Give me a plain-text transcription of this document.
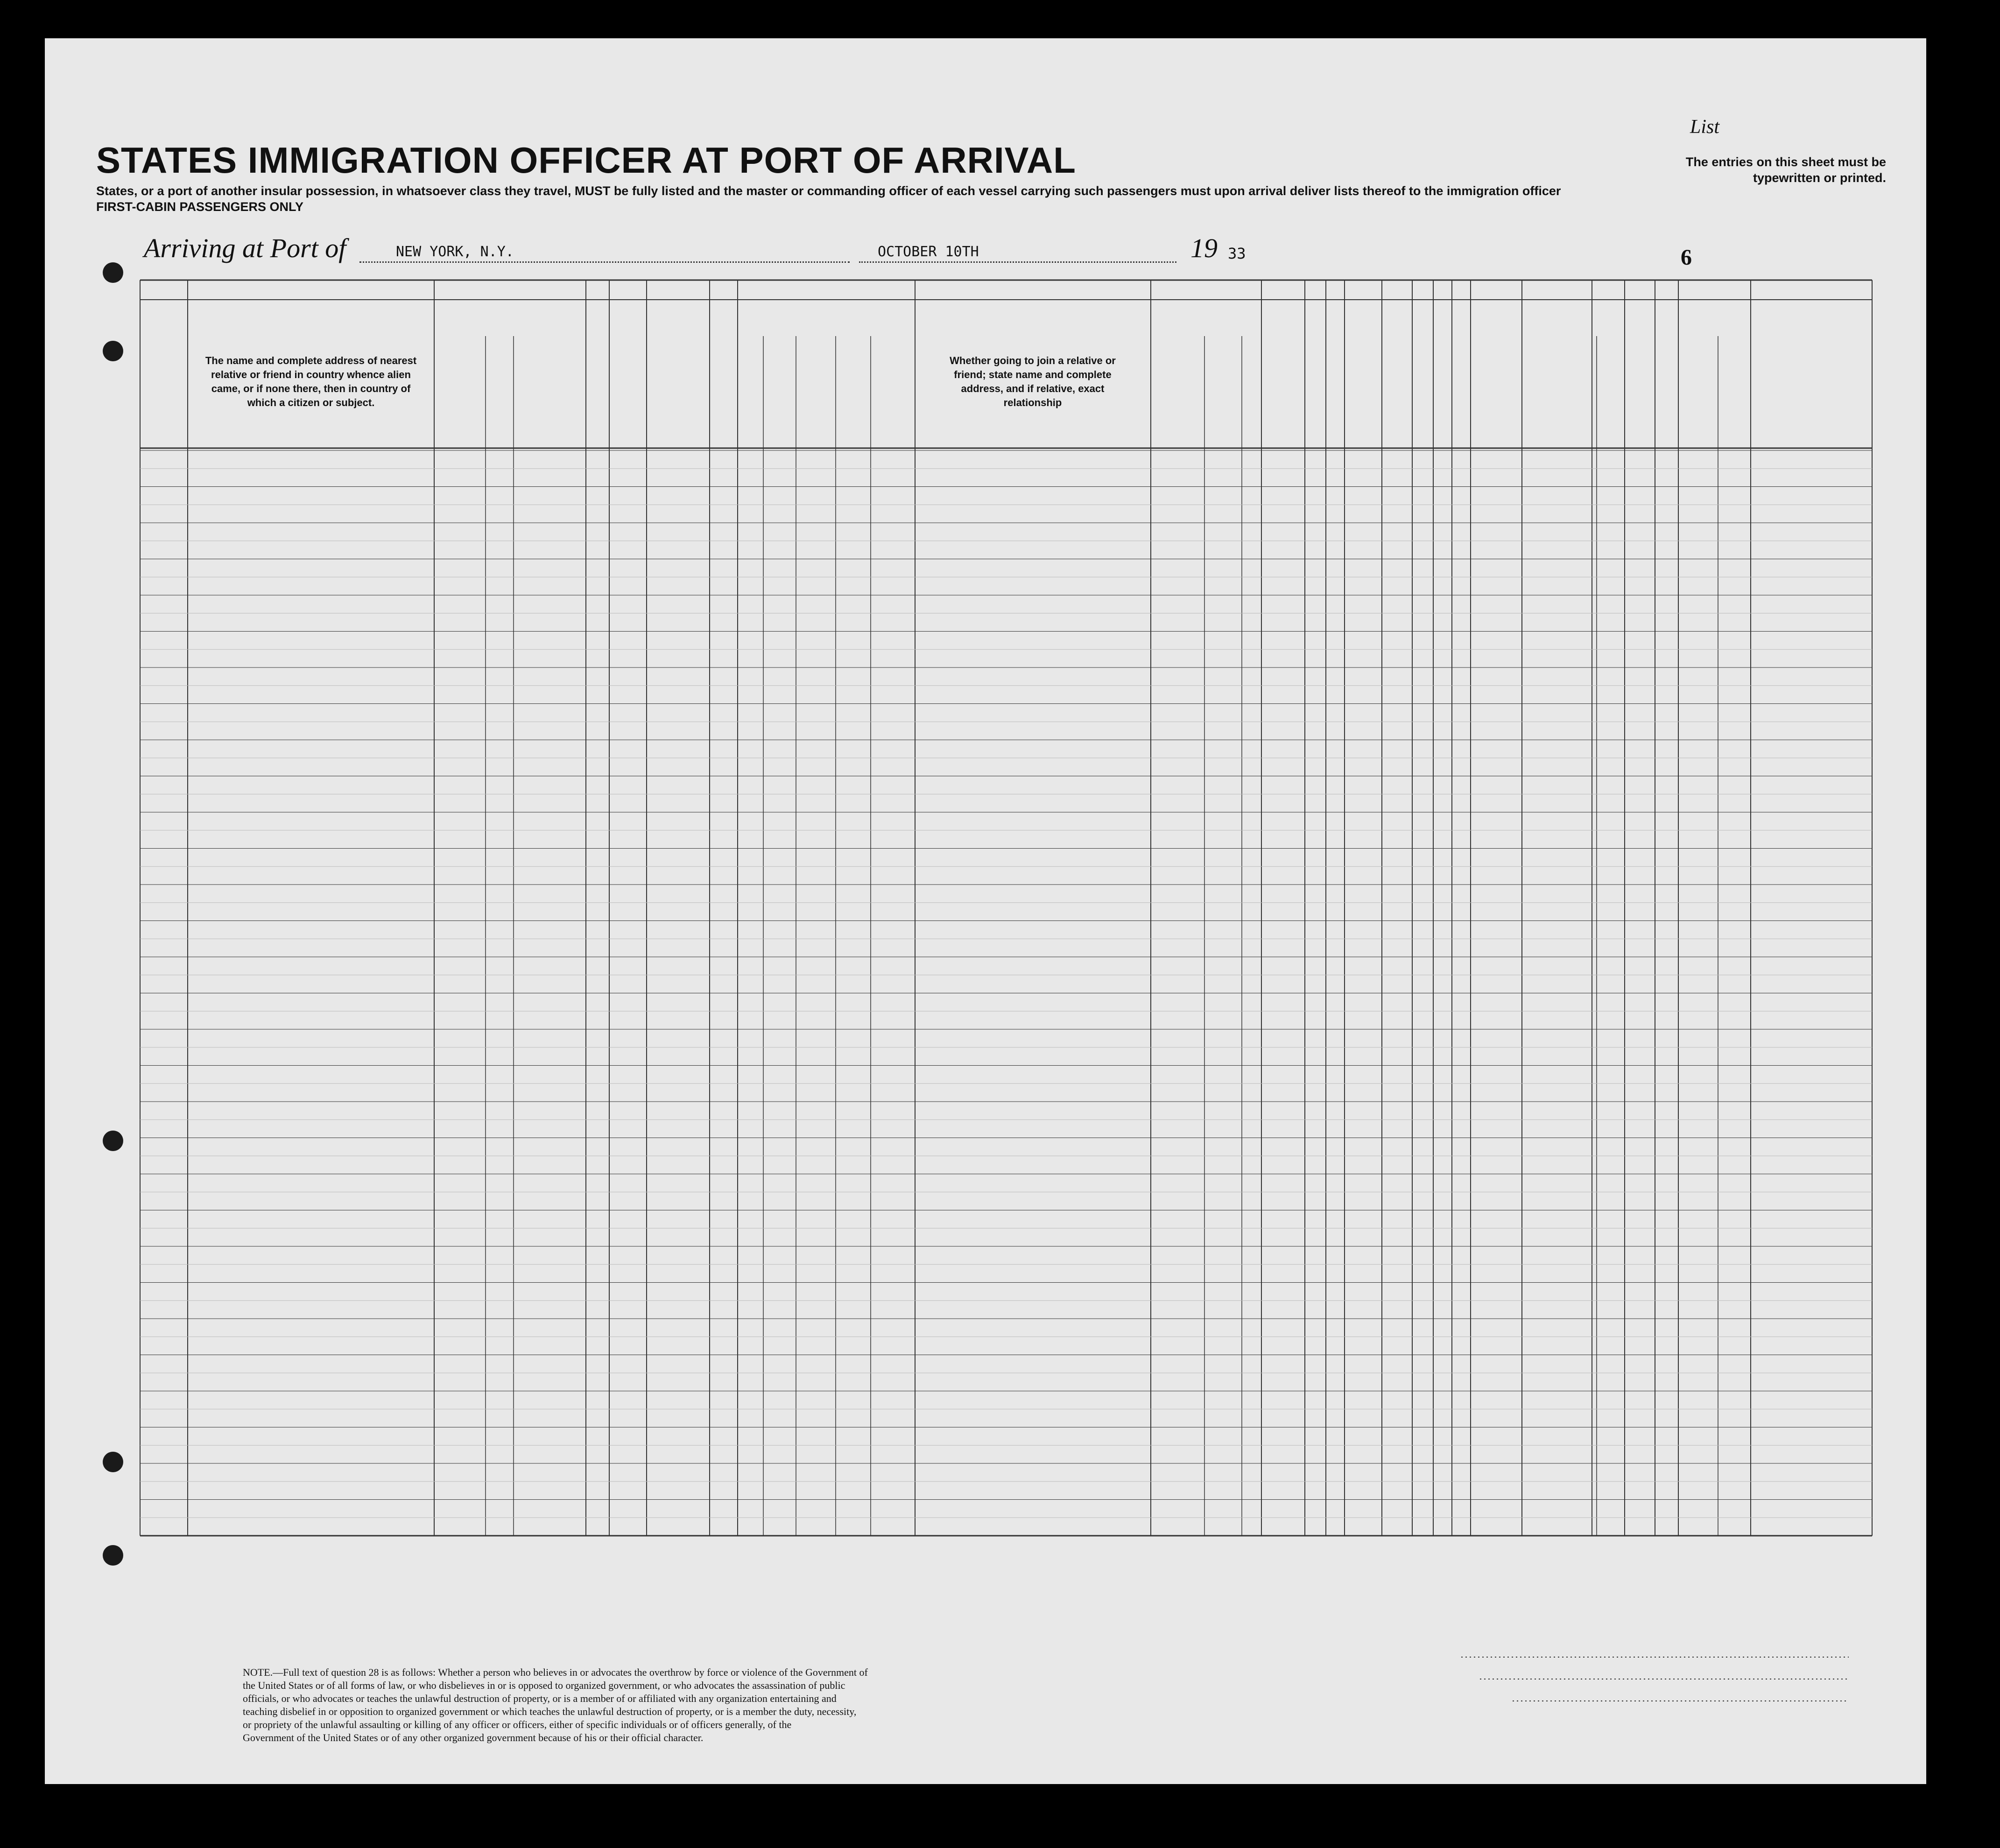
STATES IMMIGRATION OFFICER AT PORT OF ARRIVAL
States, or a port of another insular possession, in whatsoever class they travel, MUST be fully listed and the master or commanding officer of each vessel carrying such passengers must upon arrival deliver lists thereof to the immigration officer
FIRST-CABIN PASSENGERS ONLY
List
The entries on this sheet must be typewritten or printed.
Arriving at Port of	NEW YORK, N.Y.	OCTOBER 10TH	19 33	6
The name and complete address of nearest
relative or friend in country whence alien
came, or if none there, then in country of
which a citizen or subject.
Whether going to join a relative or
friend; state name and complete
address, and if relative, exact
relationship
NOTE.—Full text of question 28 is as follows: Whether a person who believes in or advocates the overthrow by force or violence of the Government of
the United States or of all forms of law, or who disbelieves in or is opposed to organized government, or who advocates the assassination of public
officials, or who advocates or teaches the unlawful destruction of property, or is a member of or affiliated with any organization entertaining and
teaching disbelief in or opposition to organized government or which teaches the unlawful destruction of property, or is a member the duty, necessity,
or propriety of the unlawful assaulting or killing of any officer or officers, either of specific individuals or of officers generally, of the
Government of the United States or of any other organized government because of his or their official character.
